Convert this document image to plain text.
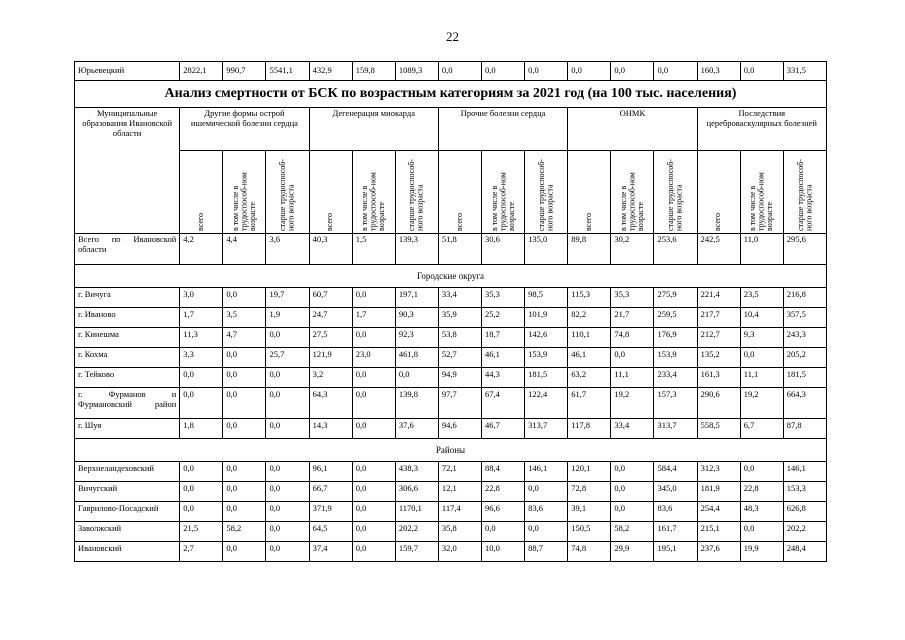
22
Юрьевецкий	2822,1	990,7	5541,1	432,9	159,8	1089,3	0,0	0,0	0,0	0,0	0,0	0,0	160,3	0,0	331,5
Анализ смертности от БСК по возрастным категориям за 2021 год (на 100 тыс. населения)															
Муниципальные образования Ивановской области	Другие формы острой ишемической болезни сердца			Дегенерация миокарда			Прочие болезни сердца			ОНМК			Последствия цереброваскулярных болезней		

	всего	в том числе в трудоспособ-ном возрасте	старше трудоспособ-ного возраста	всего	в том числе в трудоспособ-ном возрасте	старше трудоспособ-ного возраста	всего	в том числе в трудоспособ-ном возрасте	старше трудоспособ-ного возраста	всего	в том числе в трудоспособ-ном возрасте	старше трудоспособ-ного возраста	всего	в том числе в трудоспособ-ном возрасте	старше трудоспособ-ного возраста

Всего по Ивановской области	4,2	4,4	3,6	40,3	1,5	139,3	51,8	30,6	135,0	89,8	30,2	253,6	242,5	11,0	295,6
Городские округа															
г. Вичуга	3,0	0,0	19,7	60,7	0,0	197,1	33,4	35,3	98,5	115,3	35,3	275,9	221,4	23,5	216,8
г. Иваново	1,7	3,5	1,9	24,7	1,7	90,3	35,9	25,2	101,9	82,2	21,7	259,5	217,7	10,4	357,5
г. Кинешма	11,3	4,7	0,0	27,5	0,0	92,3	53,8	18,7	142,6	110,1	74,8	176,9	212,7	9,3	243,3
г. Кохма	3,3	0,0	25,7	121,9	23,0	461,8	52,7	46,1	153,9	46,1	0,0	153,9	135,2	0,0	205,2
г. Тейково	0,0	0,0	0,0	3,2	0,0	0,0	94,9	44,3	181,5	63,2	11,1	233,4	161,3	11,1	181,5
г. Фурманов и Фурмановский район	0,0	0,0	0,0	64,3	0,0	139,8	97,7	67,4	122,4	61,7	19,2	157,3	290,6	19,2	664,3
г. Шуя	1,8	0,0	0,0	14,3	0,0	37,6	94,6	46,7	313,7	117,8	33,4	313,7	558,5	6,7	87,8
Районы															
Верхнеландеховский	0,0	0,0	0,0	96,1	0,0	438,3	72,1	88,4	146,1	120,1	0,0	584,4	312,3	0,0	146,1
Вичугский	0,0	0,0	0,0	66,7	0,0	306,6	12,1	22,8	0,0	72,8	0,0	345,0	181,9	22,8	153,3
Гаврилово-Посадский	0,0	0,0	0,0	371,9	0,0	1170,1	117,4	96,6	83,6	39,1	0,0	83,6	254,4	48,3	626,8
Заволжский	21,5	58,2	0,0	64,5	0,0	202,2	35,8	0,0	0,0	150,5	58,2	161,7	215,1	0,0	202,2
Ивановский	2,7	0,0	0,0	37,4	0,0	159,7	32,0	10,0	88,7	74,8	29,9	195,1	237,6	19,9	248,4
